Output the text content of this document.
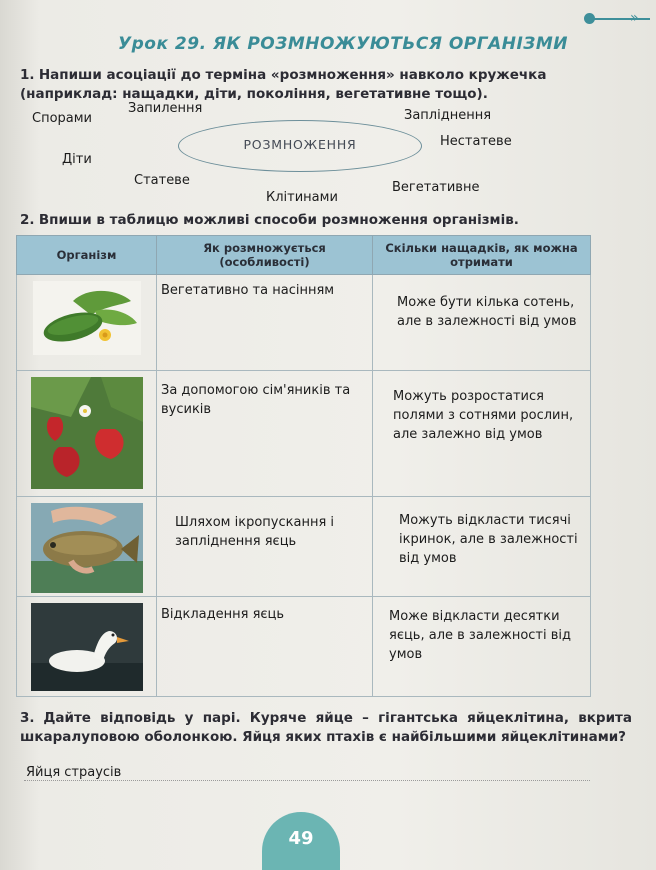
»
Урок 29. ЯК РОЗМНОЖУЮТЬСЯ ОРГАНІЗМИ
1. Напиши асоціації до терміна «розмноження» навколо кружечка (наприклад: нащадки, діти, покоління, вегетативне тощо).
РОЗМНОЖЕННЯ
Спорами
Запилення	Запліднення
Нестатеве
Діти
Статеве
Клітинами
Вегетативне
2. Впиши в таблицю можливі способи розмноження організмів.
Організм	Як розмножується (особливості)	Скільки нащадків, як можна отримати

Вегетативно та насінням	Може бути кілька сотень, але в залежності від умов

За допомогою сім'яників та вусиків	Можуть розростатися полями з сотнями рослин, але залежно від умов

Шляхом ікропускання і запліднення яєць	Можуть відкласти тисячі ікринок, але в залежності від умов

Відкладення яєць	Може відкласти десятки яєць, але в залежності від умов
3. Дайте відповідь у парі. Куряче яйце – гігантська яйцеклітина, вкрита шкаралуповою оболонкою. Яйця яких птахів є найбільшими яйцеклітинами?
Яйця страусів
49
